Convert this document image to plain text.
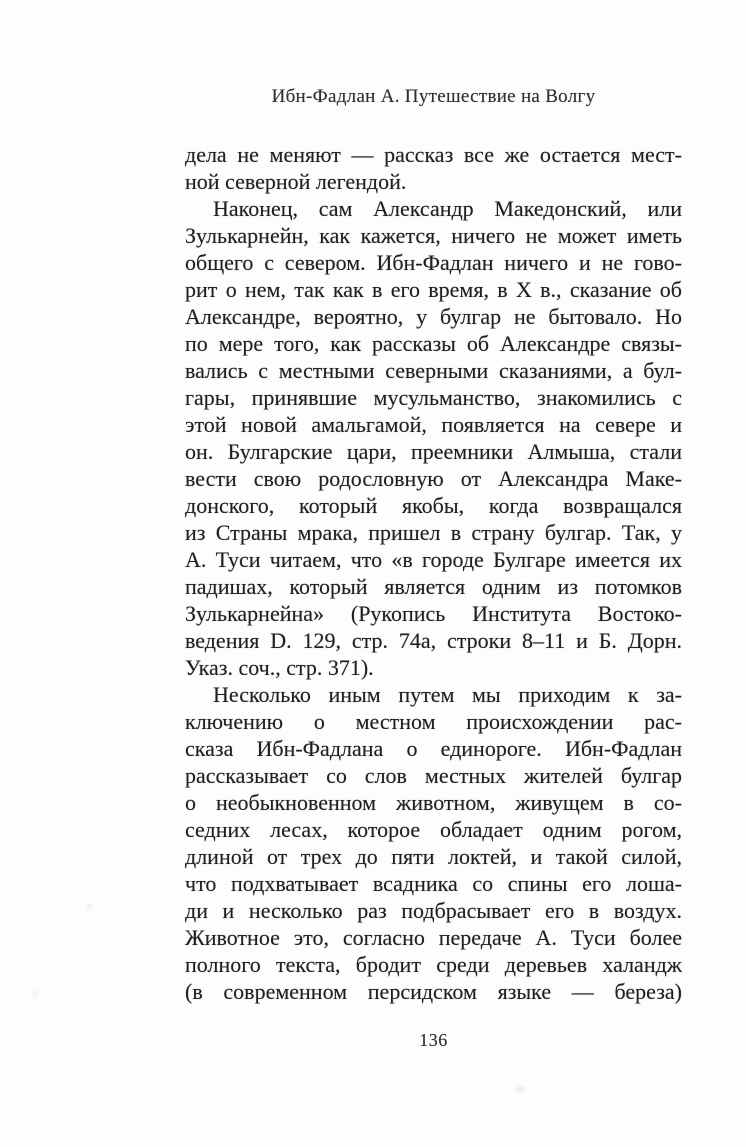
Ибн-Фадлан А. Путешествие на Волгу
дела не меняют — рассказ все же остается мест-
ной северной легендой.
Наконец, сам Александр Македонский, или
Зулькарнейн, как кажется, ничего не может иметь
общего с севером. Ибн-Фадлан ничего и не гово-
рит о нем, так как в его время, в X в., сказание об
Александре, вероятно, у булгар не бытовало. Но
по мере того, как рассказы об Александре связы-
вались с местными северными сказаниями, а бул-
гары, принявшие мусульманство, знакомились с
этой новой амальгамой, появляется на севере и
он. Булгарские цари, преемники Алмыша, стали
вести свою родословную от Александра Маке-
донского, который якобы, когда возвращался
из Страны мрака, пришел в страну булгар. Так, у
А. Туси читаем, что «в городе Булгаре имеется их
падишах, который является одним из потомков
Зулькарнейна» (Рукопись Института Востоко-
ведения D. 129, стр. 74а, строки 8–11 и Б. Дорн.
Указ. соч., стр. 371).
Несколько иным путем мы приходим к за-
ключению о местном происхождении рас-
сказа Ибн-Фадлана о единороге. Ибн-Фадлан
рассказывает со слов местных жителей булгар
о необыкновенном животном, живущем в со-
седних лесах, которое обладает одним рогом,
длиной от трех до пяти локтей, и такой силой,
что подхватывает всадника со спины его лоша-
ди и несколько раз подбрасывает его в воздух.
Животное это, согласно передаче А. Туси более
полного текста, бродит среди деревьев халандж
(в современном персидском языке — береза)
136
